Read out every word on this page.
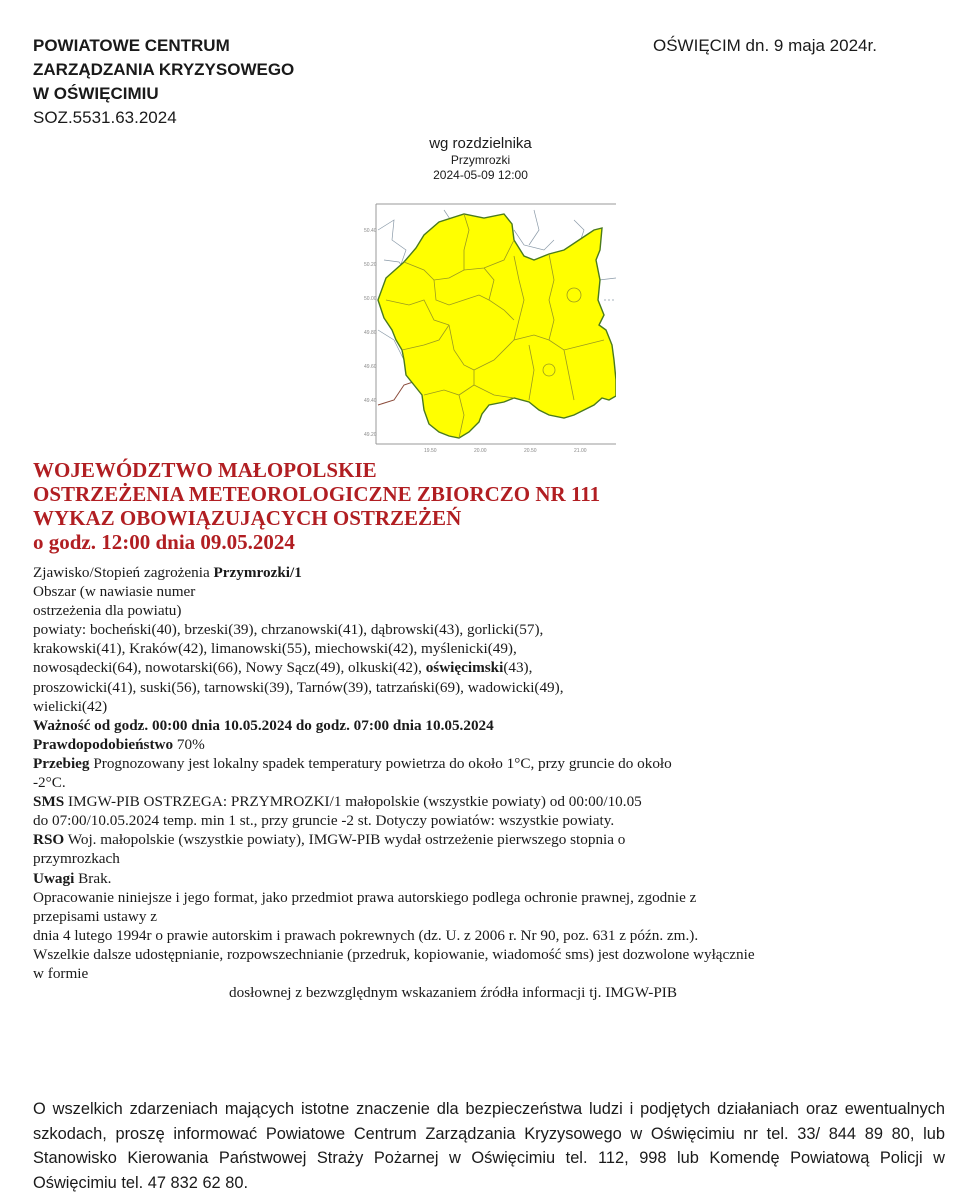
POWIATOWE CENTRUM
ZARZĄDZANIA KRYZYSOWEGO
W OŚWIĘCIMIU
SOZ.5531.63.2024
OŚWIĘCIM dn. 9 maja 2024r.
wg rozdzielnika
Przymrozki
2024-05-09 12:00
50.40
50.20
50.00
49.80
49.60
49.40
49.20
19.50	20.00	20.50	21.00
WOJEWÓDZTWO MAŁOPOLSKIE
OSTRZEŻENIA METEOROLOGICZNE ZBIORCZO NR 111
WYKAZ OBOWIĄZUJĄCYCH OSTRZEŻEŃ
o godz. 12:00 dnia 09.05.2024

Zjawisko/Stopień zagrożenia Przymrozki/1

Obszar (w nawiasie numer

ostrzeżenia dla powiatu)

powiaty: bocheński(40), brzeski(39), chrzanowski(41), dąbrowski(43), gorlicki(57),

krakowski(41), Kraków(42), limanowski(55), miechowski(42), myślenicki(49),

nowosądecki(64), nowotarski(66), Nowy Sącz(49), olkuski(42), oświęcimski(43),

proszowicki(41), suski(56), tarnowski(39), Tarnów(39), tatrzański(69), wadowicki(49),

wielicki(42)

Ważność od godz. 00:00 dnia 10.05.2024 do godz. 07:00 dnia 10.05.2024

Prawdopodobieństwo 70%

Przebieg Prognozowany jest lokalny spadek temperatury powietrza do około 1°C, przy gruncie do około

-2°C.

SMS IMGW-PIB OSTRZEGA: PRZYMROZKI/1 małopolskie (wszystkie powiaty) od 00:00/10.05

do 07:00/10.05.2024 temp. min 1 st., przy gruncie -2 st. Dotyczy powiatów: wszystkie powiaty.

RSO Woj. małopolskie (wszystkie powiaty), IMGW-PIB wydał ostrzeżenie pierwszego stopnia o

przymrozkach

Uwagi Brak.

Opracowanie niniejsze i jego format, jako przedmiot prawa autorskiego podlega ochronie prawnej, zgodnie z

przepisami ustawy z

dnia 4 lutego 1994r o prawie autorskim i prawach pokrewnych (dz. U. z 2006 r. Nr 90, poz. 631 z późn. zm.).

Wszelkie dalsze udostępnianie, rozpowszechnianie (przedruk, kopiowanie, wiadomość sms) jest dozwolone wyłącznie

w formie

dosłownej z bezwzględnym wskazaniem źródła informacji tj. IMGW-PIB

O wszelkich zdarzeniach mających istotne znaczenie dla bezpieczeństwa ludzi i podjętych działaniach oraz ewentualnych szkodach, proszę informować Powiatowe Centrum Zarządzania Kryzysowego w Oświęcimiu nr tel. 33/ 844 89 80, lub Stanowisko Kierowania Państwowej Straży Pożarnej w Oświęcimiu tel. 112, 998 lub Komendę Powiatową Policji w Oświęcimiu tel. 47 832 62 80.
